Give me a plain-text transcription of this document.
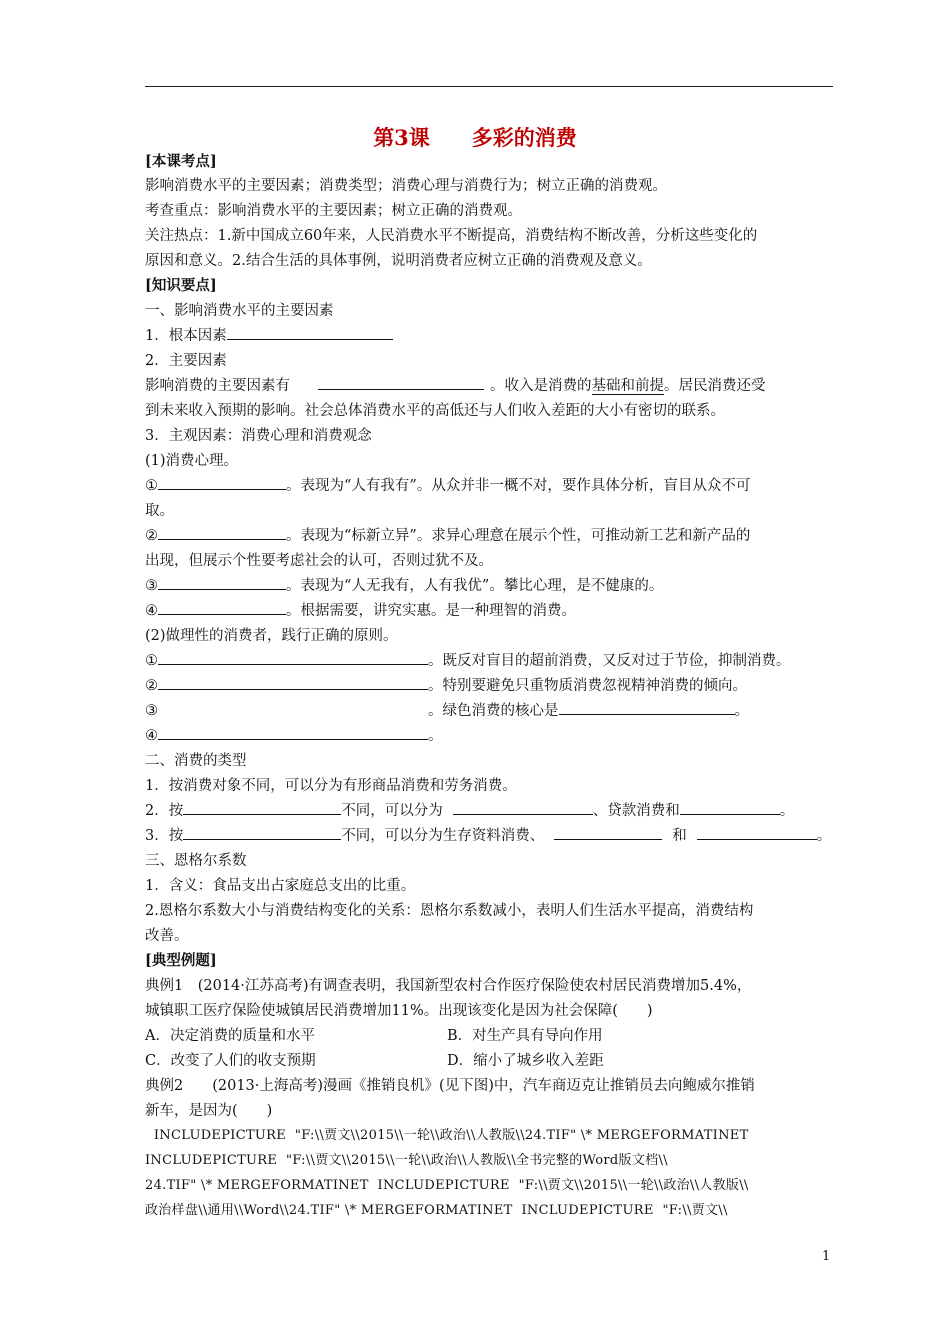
第3课　　多彩的消费
[本课考点]
影响消费水平的主要因素；消费类型；消费心理与消费行为；树立正确的消费观。
考查重点：影响消费水平的主要因素；树立正确的消费观。
关注热点：1.新中国成立60年来，人民消费水平不断提高，消费结构不断改善，分析这些变化的
原因和意义。2.结合生活的具体事例，说明消费者应树立正确的消费观及意义。
[知识要点]
一、影响消费水平的主要因素
1．根本因素
2．主要因素
影响消费的主要因素有	。收入是消费的基础和前提。居民消费还受
到未来收入预期的影响。社会总体消费水平的高低还与人们收入差距的大小有密切的联系。
3．主观因素：消费心理和消费观念
(1)消费心理。
①	。表现为“人有我有”。从众并非一概不对，要作具体分析，盲目从众不可
取。
②	。表现为“标新立异”。求异心理意在展示个性，可推动新工艺和新产品的
出现，但展示个性要考虑社会的认可，否则过犹不及。
③	。表现为“人无我有，人有我优”。攀比心理，是不健康的。
④	。根据需要，讲究实惠。是一种理智的消费。
(2)做理性的消费者，践行正确的原则。
①	。既反对盲目的超前消费，又反对过于节俭，抑制消费。
②	。特别要避免只重物质消费忽视精神消费的倾向。
③	。绿色消费的核心是	。
④	。
二、消费的类型
1．按消费对象不同，可以分为有形商品消费和劳务消费。
2．按	不同，可以分为	、贷款消费和	。
3．按	不同，可以分为生存资料消费、	和	。
三、恩格尔系数
1．含义：食品支出占家庭总支出的比重。
2.恩格尔系数大小与消费结构变化的关系：恩格尔系数减小，表明人们生活水平提高，消费结构
改善。
[典型例题]
典例1　(2014·江苏高考)有调查表明，我国新型农村合作医疗保险使农村居民消费增加5.4%，
城镇职工医疗保险使城镇居民消费增加11%。出现该变化是因为社会保障(　　)
A．决定消费的质量和水平	B．对生产具有导向作用
C．改变了人们的收支预期	D．缩小了城乡收入差距
典例2　　(2013·上海高考)漫画《推销良机》(见下图)中，汽车商迈克让推销员去向鲍威尔推销
新车，是因为(　　)
INCLUDEPICTURE  "F:\\贾文\\2015\\一轮\\政治\\人教版\\24.TIF" \* MERGEFORMATINET
INCLUDEPICTURE  "F:\\贾文\\2015\\一轮\\政治\\人教版\\全书完整的Word版文档\\
24.TIF" \* MERGEFORMATINET  INCLUDEPICTURE  "F:\\贾文\\2015\\一轮\\政治\\人教版\\
政治样盘\\通用\\Word\\24.TIF" \* MERGEFORMATINET  INCLUDEPICTURE  "F:\\贾文\\
1
